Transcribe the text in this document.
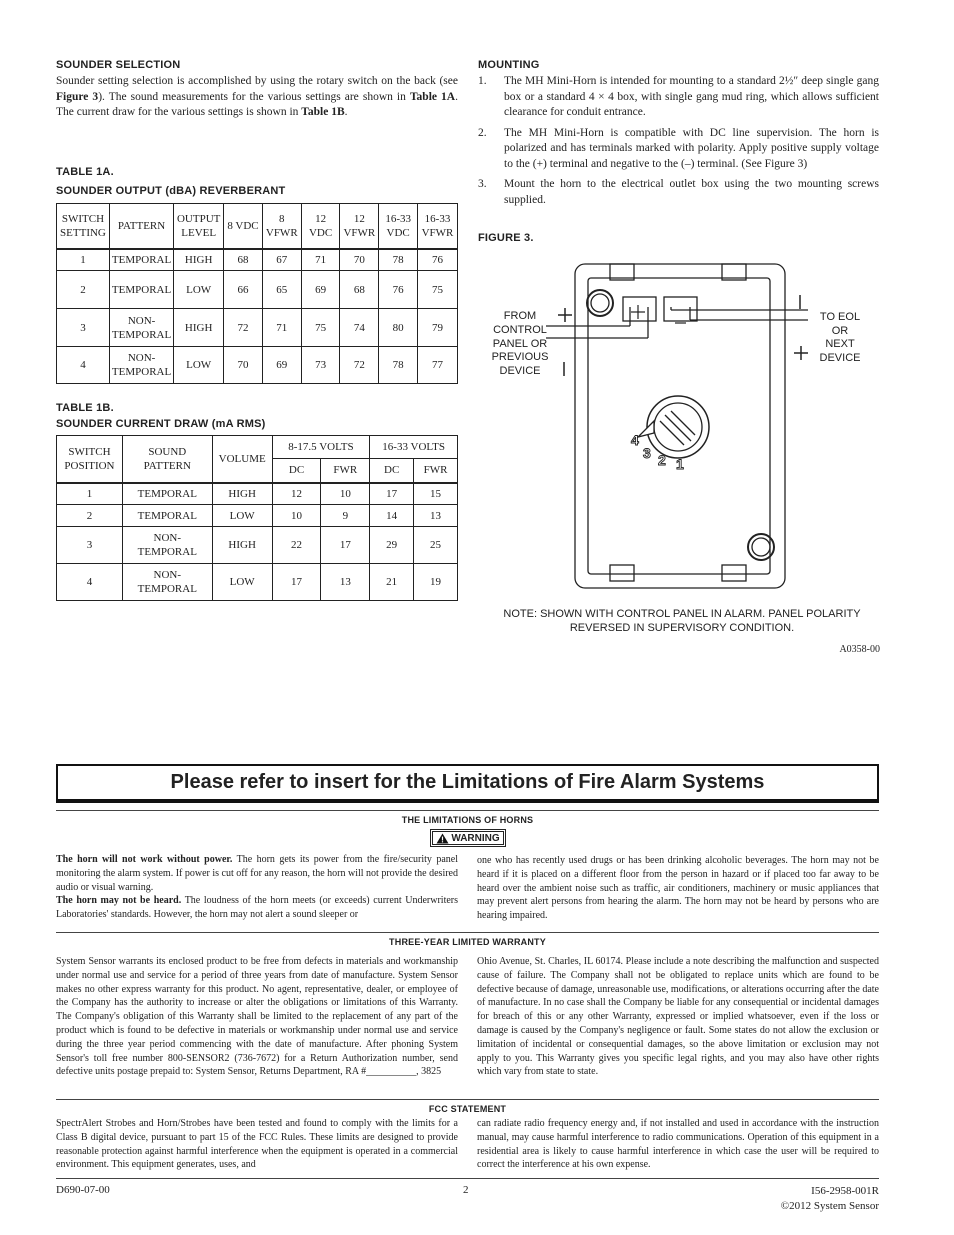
SOUNDER SELECTION
Sounder setting selection is accomplished by using the rotary switch on the back (see Figure 3). The sound measurements for the various settings are shown in Table 1A. The current draw for the various settings is shown in Table 1B.
TABLE 1A.
SOUNDER OUTPUT (dBA) REVERBERANT
SWITCH SETTING	PATTERN	OUTPUT LEVEL	8 VDC	8 VFWR	12 VDC	12 VFWR	16-33 VDC	16-33 VFWR
1	TEMPORAL	HIGH	68	67	71	70	78	76
2	TEMPORAL	LOW	66	65	69	68	76	75
3	NON-TEMPORAL	HIGH	72	71	75	74	80	79
4	NON-TEMPORAL	LOW	70	69	73	72	78	77
TABLE 1B.
SOUNDER CURRENT DRAW (mA RMS)
SWITCH POSITION	SOUND PATTERN	VOLUME	8-17.5 VOLTS		16-33 VOLTS	
			DC	FWR	DC	FWR
1	TEMPORAL	HIGH	12	10	17	15
2	TEMPORAL	LOW	10	9	14	13
3	NON-TEMPORAL	HIGH	22	17	29	25
4	NON-TEMPORAL	LOW	17	13	21	19
MOUNTING
1. The MH Mini-Horn is intended for mounting to a standard 2½″ deep single gang box or a standard 4 × 4 box, with single gang mud ring, which allows sufficient clearance for conduit entrance.
2. The MH Mini-Horn is compatible with DC line supervision. The horn is polarized and has terminals marked with polarity. Apply positive supply voltage to the (+) terminal and negative to the (–) terminal. (See Figure 3)
3. Mount the horn to the electrical outlet box using the two mounting screws supplied.
FIGURE 3.
4
3 2 1
FROM
CONTROL
PANEL OR
PREVIOUS
DEVICE
TO EOL
OR
NEXT
DEVICE
NOTE: SHOWN WITH CONTROL PANEL IN ALARM. PANEL POLARITY
REVERSED IN SUPERVISORY CONDITION.
A0358-00
Please refer to insert for the Limitations of Fire Alarm Systems
THE LIMITATIONS OF HORNS
WARNING
The horn will not work without power. The horn gets its power from the fire/security panel monitoring the alarm system. If power is cut off for any reason, the horn will not provide the desired audio or visual warning.
The horn may not be heard. The loudness of the horn meets (or exceeds) current Underwriters Laboratories' standards. However, the horn may not alert a sound sleeper or
one who has recently used drugs or has been drinking alcoholic beverages. The horn may not be heard if it is placed on a different floor from the person in hazard or if placed too far away to be heard over the ambient noise such as traffic, air conditioners, machinery or music appliances that may prevent alert persons from hearing the alarm. The horn may not be heard by persons who are hearing impaired.
THREE-YEAR LIMITED WARRANTY
System Sensor warrants its enclosed product to be free from defects in materials and workmanship under normal use and service for a period of three years from date of manufacture. System Sensor makes no other express warranty for this product. No agent, representative, dealer, or employee of the Company has the authority to increase or alter the obligations or limitations of this Warranty. The Company's obligation of this Warranty shall be limited to the replacement of any part of the product which is found to be defective in materials or workmanship under normal use and service during the three year period commencing with the date of manufacture. After phoning System Sensor's toll free number 800-SENSOR2 (736-7672) for a Return Authorization number, send defective units postage prepaid to: System Sensor, Returns Department, RA #__________, 3825
Ohio Avenue, St. Charles, IL 60174. Please include a note describing the malfunction and suspected cause of failure. The Company shall not be obligated to replace units which are found to be defective because of damage, unreasonable use, modifications, or alterations occurring after the date of manufacture. In no case shall the Company be liable for any consequential or incidental damages for breach of this or any other Warranty, expressed or implied whatsoever, even if the loss or damage is caused by the Company's negligence or fault. Some states do not allow the exclusion or limitation of incidental or consequential damages, so the above limitation or exclusion may not apply to you. This Warranty gives you specific legal rights, and you may also have other rights which vary from state to state.
FCC STATEMENT
SpectrAlert Strobes and Horn/Strobes have been tested and found to comply with the limits for a Class B digital device, pursuant to part 15 of the FCC Rules. These limits are designed to provide reasonable protection against harmful interference when the equipment is operated in a commercial environment. This equipment generates, uses, and
can radiate radio frequency energy and, if not installed and used in accordance with the instruction manual, may cause harmful interference to radio communications. Operation of this equipment in a residential area is likely to cause harmful interference in which case the user will be required to correct the interference at his own expense.
D690-07-00	2	I56-2958-001R
©2012 System Sensor
